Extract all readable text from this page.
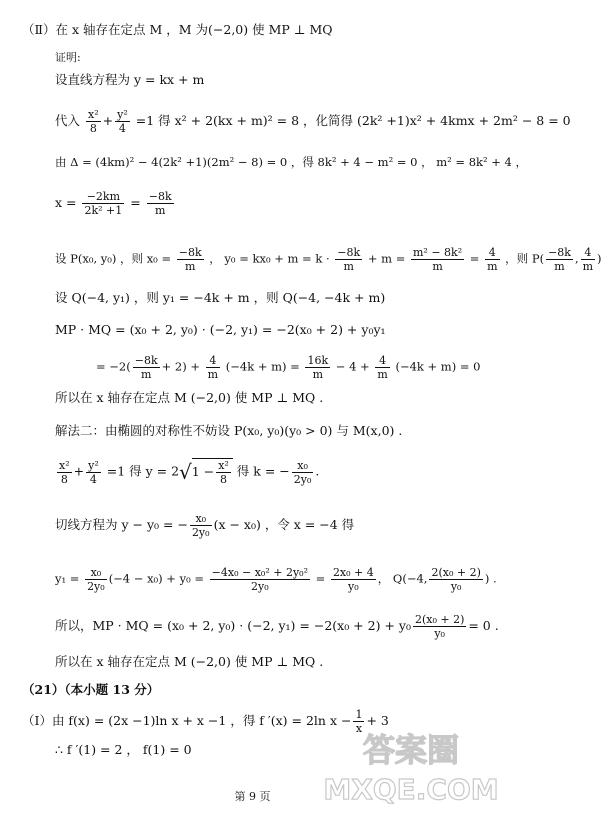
（Ⅱ）在 x 轴存在定点 M ，M 为(−2,0) 使 MP ⊥ MQ
证明:
设直线方程为 y = kx + m
代入 $\frac{\text{x²}}{8} + \frac{\text{y²}}{4} =1$ 得 x² + 2(kx + m)² = 8 ，化简得 (2k² +1)x² + 4kmx + 2m² − 8 = 0
由 Δ = (4km)² − 4(2k² +1)(2m² − 8) = 0 ，得 8k² + 4 − m² = 0 ， m² = 8k² + 4 ，
$x = \frac{-2km}{\text{2k² +1}} = \frac{-8k}{m}$
设 P(x₀, y₀) ，则 $x_0 = \frac{-8k}{m}$ ， $y_0 = kx_0 + m = k \cdot \frac{-8k}{m} + m = \frac{\text{m² − 8k²}}{m} = \frac{4}{m}$ ，则 $P( \frac{-8k}{m}$ , $\frac{4}{m}$ )
设 Q(−4, y₁) ，则 y₁ = −4k + m ，则 Q(−4, −4k + m)
MP · MQ = (x₀ + 2, y₀) · (−2, y₁) = −2(x₀ + 2) + y₀y₁
= $-2( \frac{-8k}{m} + 2) + \frac{4}{m} (-4k + m) = \frac{16k}{m} - 4 + \frac{4}{m} (-4k + m) = 0$
所以在 x 轴存在定点 M (−2,0) 使 MP ⊥ MQ .
解法二：由椭圆的对称性不妨设 P(x₀, y₀)(y₀ > 0) 与 M(x,0) .
$\frac{\text{x²}}{8} + \frac{\text{y²}}{4} =1$ 得 $y = 2√1 - \frac{\text{x²}}{8}$ 得 k = − $\frac{\text{x₀}}{\text{2y₀}}$ .
切线方程为 y − y₀ = − $\frac{\text{x₀}}{\text{2y₀}} (x - x_0)$ ，令 x = −4 得
$y_1 = \frac{\text{x₀}}{\text{2y₀}} (-4 - x_0) + y_0 = \frac{\text{−4x₀ − x₀² + 2y₀²}}{\text{2y₀}} = \frac{\text{2x₀ + 4}}{\text{y₀}}$ ， Q(−4, $\frac{\text{2(x₀ + 2)}}{\text{y₀}}$ ) .
所以，MP · MQ = (x₀ + 2, y₀) · (−2, $y_1) = -2(x_0 + 2) + y_0 \frac{\text{2(x₀ + 2)}}{\text{y₀}} = 0$ .
所以在 x 轴存在定点 M (−2,0) 使 MP ⊥ MQ .
（21）（本小题 13 分）
（Ⅰ）由 f(x) = (2x −1)ln x + x −1 ，得 f ′(x) = 2ln $x - \frac{1}{x} + 3$
∴ f ′(1) = 2 ， f(1) = 0
第 9 页
答案圈
MXQE.COM
